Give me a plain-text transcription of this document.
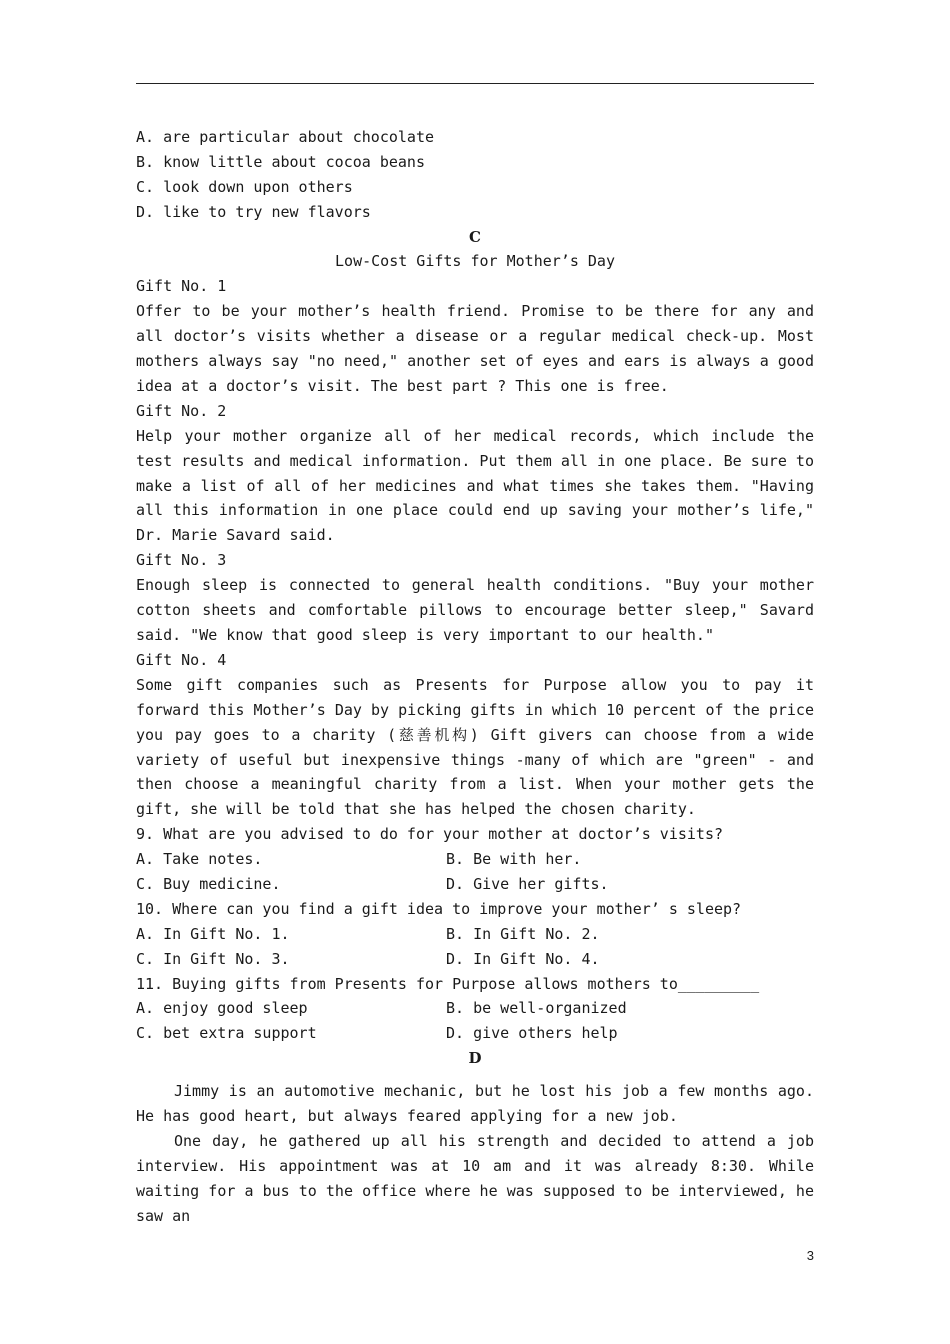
A. are particular about chocolate
B. know little about cocoa beans
C. look down upon others
D. like to try new flavors
C
Low-Cost Gifts for Mother’s Day
Gift No. 1
Offer to be your mother’s health friend. Promise to be there for any and all doctor’s visits whether a disease or a regular medical check-up. Most mothers always say "no need," another set of eyes and ears is always a good idea at a doctor’s visit. The best part ? This one is free.
Gift No. 2
Help your mother organize all of her medical records, which include the test results and medical information. Put them all in one place. Be sure to make a list of all of her medicines and what times she takes them. "Having all this information in one place could end up saving your mother’s life," Dr. Marie Savard said.
Gift No. 3
Enough sleep is connected to general health conditions. "Buy your mother cotton sheets and comfortable pillows to encourage better sleep," Savard said. "We know that good sleep is very important to our health."
Gift No. 4
Some gift companies such as Presents for Purpose allow you to pay it forward this Mother’s Day by picking gifts in which 10 percent of the price you pay goes to a charity (慈善机构) Gift givers can choose from a wide variety of useful but inexpensive things -many of which are "green" - and then choose a meaningful charity from a list. When your mother gets the gift, she will be told that she has helped the chosen charity.
9. What are you advised to do for your mother at doctor’s visits?
A. Take notes.	B. Be with her.
C. Buy medicine.	D. Give her gifts.
10. Where can you find a gift idea to improve your mother’ s sleep?
A. In Gift No. 1.	B. In Gift No. 2.
C. In Gift No. 3.	D. In Gift No. 4.
11. Buying gifts from Presents for Purpose allows mothers to_________
A. enjoy good sleep	B. be well-organized
C. bet extra support	D. give others help
D
Jimmy is an automotive mechanic, but he lost his job a few months ago. He has good heart, but always feared applying for a new job.
One day, he gathered up all his strength and decided to attend a job interview. His appointment was at 10 am and it was already 8:30. While waiting for a bus to the office where he was supposed to be interviewed, he saw an
3
